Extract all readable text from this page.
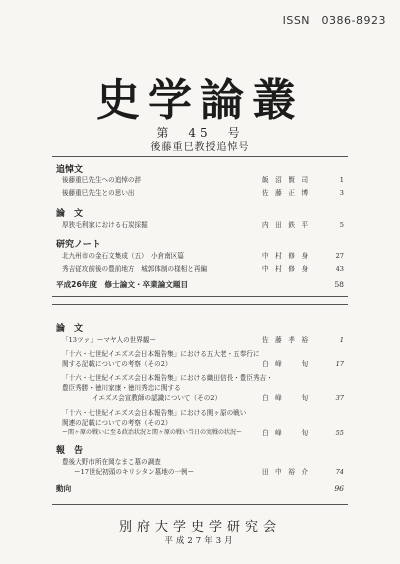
ISSN　0386-8923
史学論叢
第　45　号
後藤重巳教授追悼号
追悼文
後藤重巳先生への追悼の辞	飯　沼　賢　司	1
後藤重巳先生との思い出	佐　藤　正　博	3
論　文
厚狭毛利家における石炭採掘	内　田　鉄　平	5
研究ノート
北九州市の金石文集成（五）　小倉南区篇	中　村　修　身	27
秀吉従攻前後の豊前地方　城郭体制の様相と再編	中　村　修　身	43
平成26年度　修士論文・卒業論文題目	58
論　文
「13ツァ」ーマヤ人の世界観ー	佐　藤　孝　裕	1
「十六・七世紀イエズス会日本報告集」における五大老・五奉行に
関する記載についての考察（その2）	白　峰　　　旬	17
「十六・七世紀イエズス会日本報告集」における織田信長・豊臣秀吉・
豊臣秀勝・徳川家康・徳川秀忠に関する
イエズス会宣教師の認識について（その2）	白　峰　　　旬	37
「十六・七世紀イエズス会日本報告集」における関ヶ原の戦い
関連の記載についての考察（その2）
ー関ヶ原の戦いに至る政治状況と関ヶ原の戦い当日の実戦の状況ー	白　峰　　　旬	55
報　告
豊後大野市所在岡なまこ墓の調査
ー17世紀初頭のキリシタン墓地の一例ー	田　中　裕　介	74
動向	96
別府大学史学研究会
平成27年3月
